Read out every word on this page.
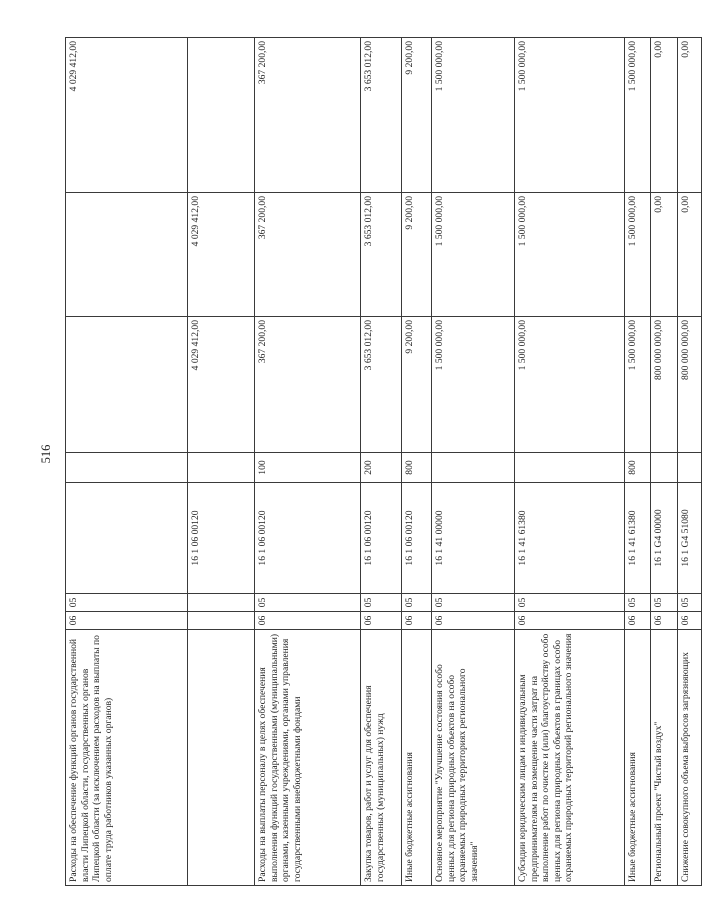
516
Расходы на обеспечение функций органов государственной власти Липецкой области, государственных органов Липецкой области (за исключением расходов на выплаты по оплате труда работников указанных органов)	06	05					4 029 412,00
			16 1 06 00120		4 029 412,00	4 029 412,00	
Расходы на выплаты персоналу в целях обеспечения выполнения функций государственными (муниципальными) органами, казенными учреждениями, органами управления государственными внебюджетными фондами	06	05	16 1 06 00120	100	367 200,00	367 200,00	367 200,00
Закупка товаров, работ и услуг для обеспечения государственных (муниципальных) нужд	06	05	16 1 06 00120	200	3 653 012,00	3 653 012,00	3 653 012,00
Иные бюджетные ассигнования	06	05	16 1 06 00120	800	9 200,00	9 200,00	9 200,00
Основное мероприятие "Улучшение состояния особо ценных для региона природных объектов на особо охраняемых природных территориях регионального значения"	06	05	16 1 41 00000		1 500 000,00	1 500 000,00	1 500 000,00
Субсидии юридическим лицам и индивидуальным предпринимателям на возмещение части затрат на выполнение работ по очистке и (или) благоустройству особо ценных для региона природных объектов в границах особо охраняемых природных территорий регионального значения	06	05	16 1 41 61380		1 500 000,00	1 500 000,00	1 500 000,00
Иные бюджетные ассигнования	06	05	16 1 41 61380	800	1 500 000,00	1 500 000,00	1 500 000,00
Региональный проект "Чистый воздух"	06	05	16 1 G4 00000		800 000 000,00	0,00	0,00
Снижение совокупного объема выбросов загрязняющих	06	05	16 1 G4 51080		800 000 000,00	0,00	0,00
